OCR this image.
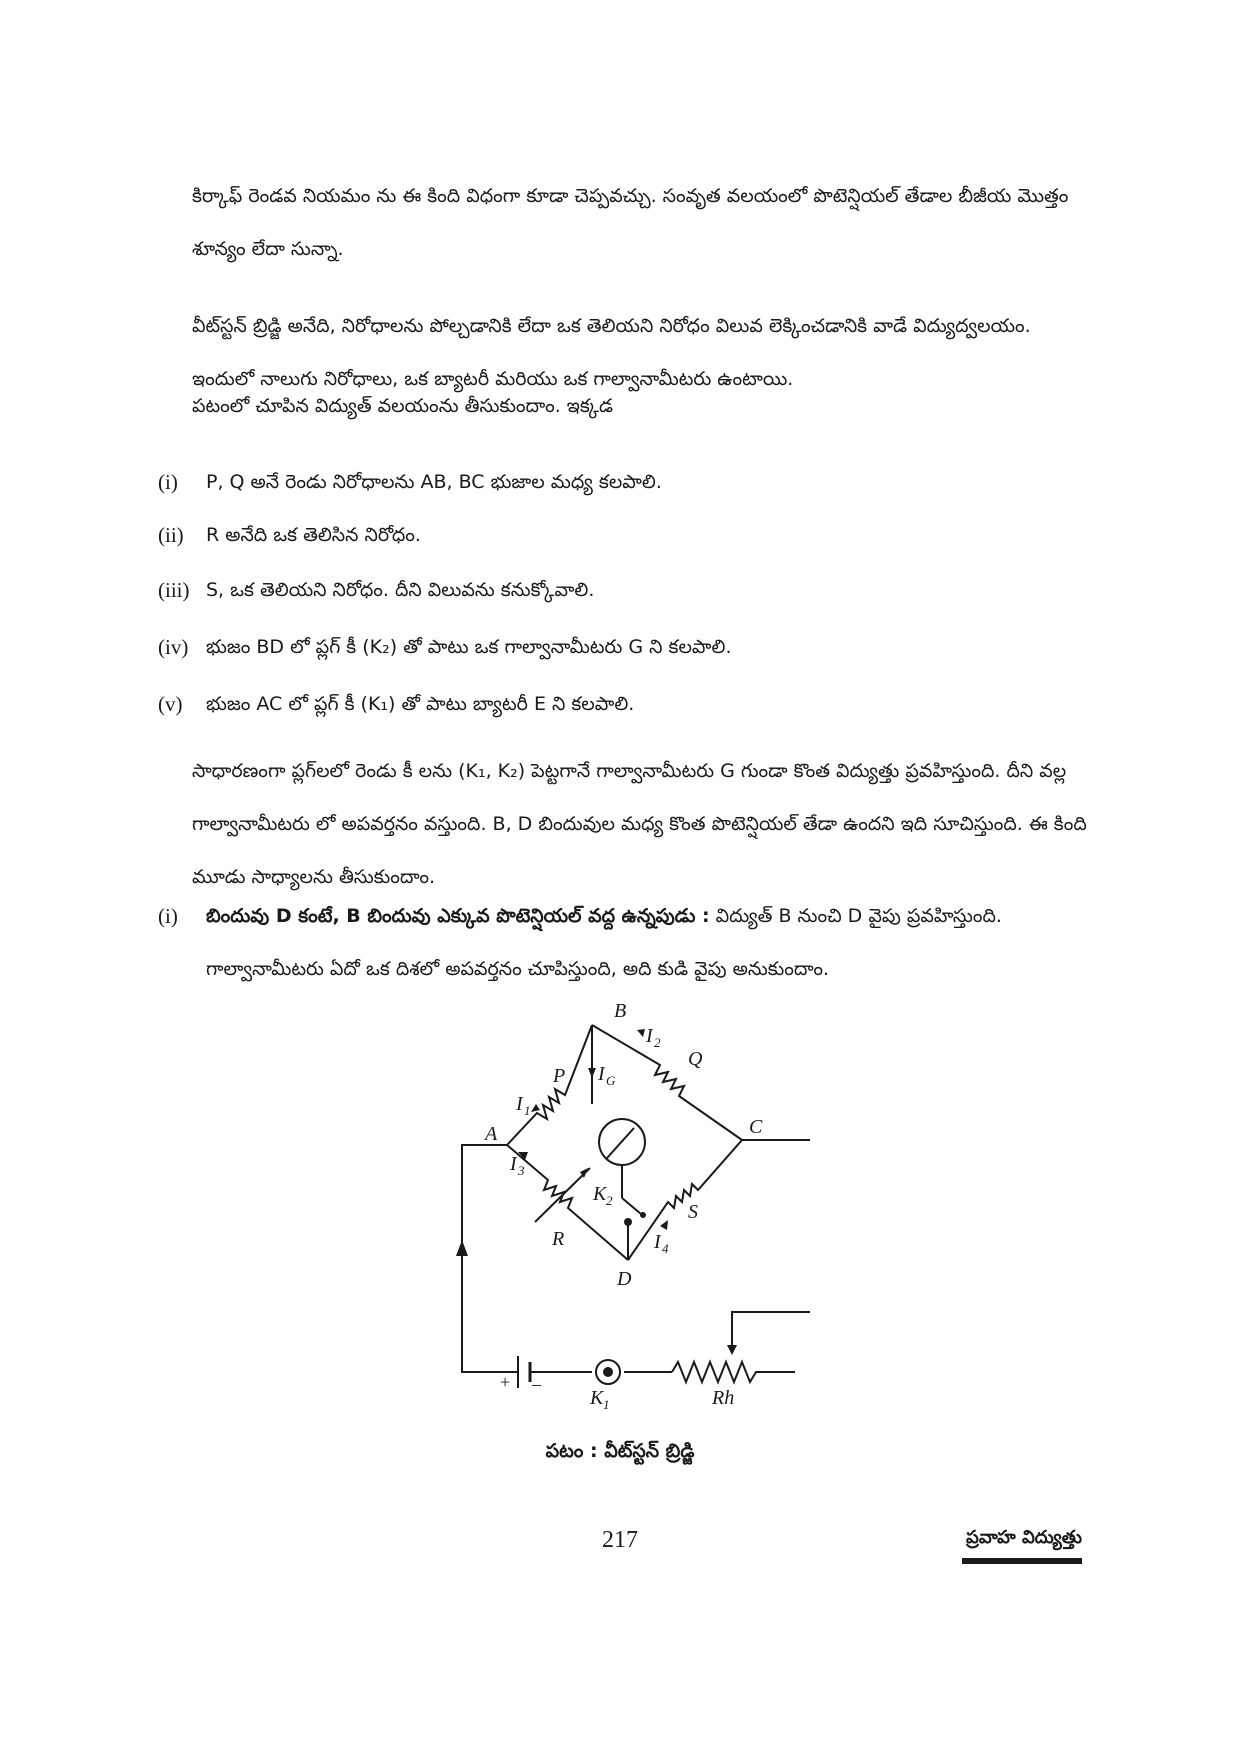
కిర్కాఫ్ రెండవ నియమం ను ఈ కింది విధంగా కూడా చెప్పవచ్చు. సంవృత వలయంలో పొటెన్షియల్ తేడాల బీజీయ మొత్తం శూన్యం లేదా సున్నా.

వీట్‌స్టన్ బ్రిడ్జి అనేది, నిరోధాలను పోల్చడానికి లేదా ఒక తెలియని నిరోధం విలువ లెక్కించడానికి వాడే విద్యుద్వలయం. ఇందులో నాలుగు నిరోధాలు, ఒక బ్యాటరీ మరియు ఒక గాల్వానామీటరు ఉంటాయి.

పటంలో చూపిన విద్యుత్ వలయంను తీసుకుందాం. ఇక్కడ

(i)	P, Q అనే రెండు నిరోధాలను AB, BC భుజాల మధ్య కలపాలి.
(ii)	R అనేది ఒక తెలిసిన నిరోధం.
(iii) S, ఒక తెలియని నిరోధం. దీని విలువను కనుక్కోవాలి.
(iv) భుజం BD లో ప్లగ్ కీ (K₂) తో పాటు ఒక గాల్వానామీటరు G ని కలపాలి.
(v)	భుజం AC లో ప్లగ్ కీ (K₁) తో పాటు బ్యాటరీ E ని కలపాలి.

సాధారణంగా ప్లగ్‌లలో రెండు కీ లను (K₁, K₂) పెట్టగానే గాల్వానామీటరు G గుండా కొంత విద్యుత్తు ప్రవహిస్తుంది. దీని వల్ల గాల్వానామీటరు లో అపవర్తనం వస్తుంది. B, D బిందువుల మధ్య కొంత పొటెన్షియల్ తేడా ఉందని ఇది సూచిస్తుంది. ఈ కింది మూడు సాధ్యాలను తీసుకుందాం.

(i)	బిందువు D కంటే, B బిందువు ఎక్కువ పొటెన్షియల్ వద్ద ఉన్నపుడు : విద్యుత్ B నుంచి D వైపు ప్రవహిస్తుంది. గాల్వానామీటరు ఏదో ఒక దిశలో అపవర్తనం చూపిస్తుంది, అది కుడి వైపు అనుకుందాం.
B
A	C
D
P
Q
R
S
I 1
I 2
I 3
I 4
I G
K 2
K 1
+ –
Rh
పటం : వీట్‌స్టన్ బ్రిడ్జి
217	ప్రవాహ విద్యుత్తు
